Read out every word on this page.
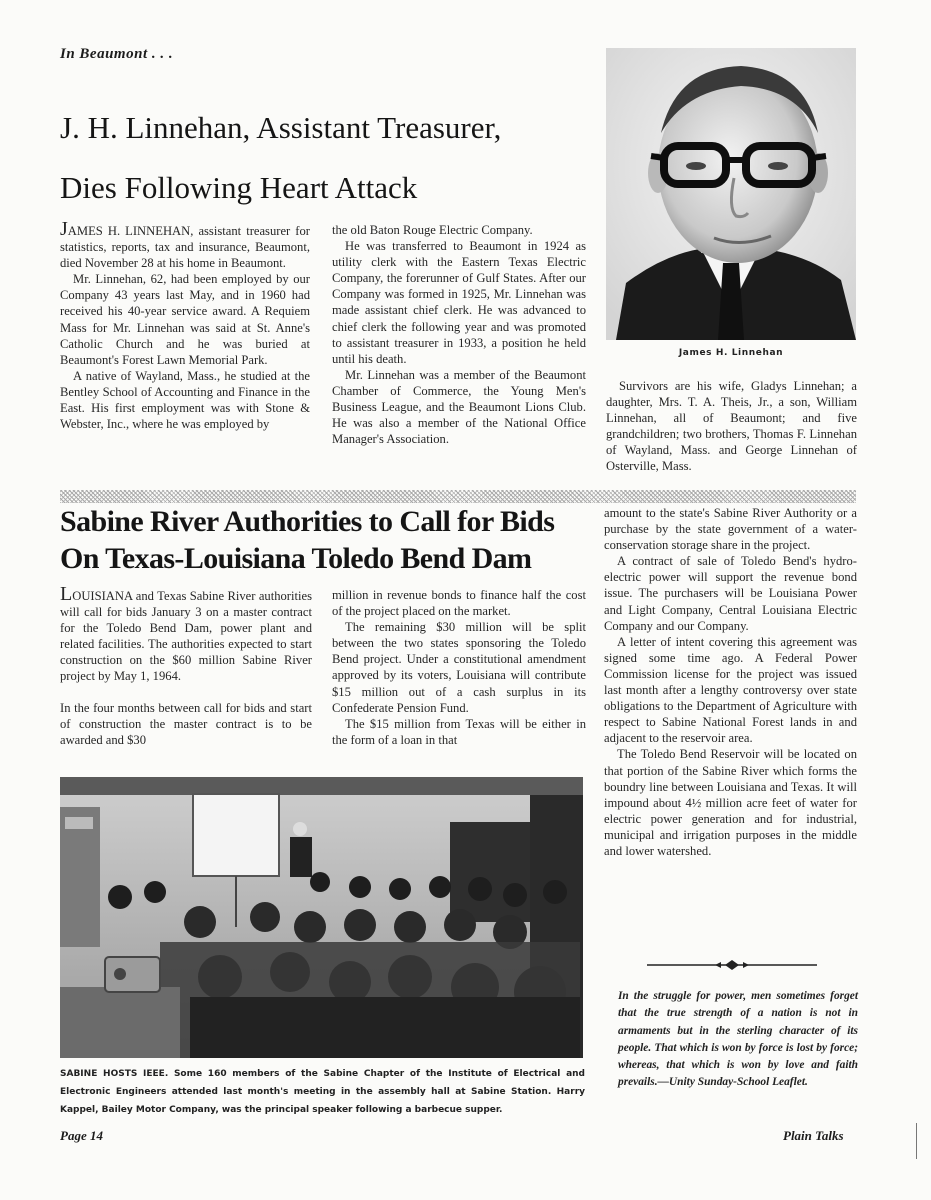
In Beaumont . . .
J. H. Linnehan, Assistant Treasurer,
Dies Following Heart Attack

JAMES H. LINNEHAN, assistant treasurer for statistics, reports, tax and insurance, Beaumont, died November 28 at his home in Beaumont.

Mr. Linnehan, 62, had been employed by our Company 43 years last May, and in 1960 had received his 40-year service award. A Requiem Mass for Mr. Linnehan was said at St. Anne's Catholic Church and he was buried at Beaumont's Forest Lawn Memorial Park.

A native of Wayland, Mass., he studied at the Bentley School of Accounting and Finance in the East. His first employment was with Stone & Webster, Inc., where he was employed by

the old Baton Rouge Electric Company.

He was transferred to Beaumont in 1924 as utility clerk with the Eastern Texas Electric Company, the forerunner of Gulf States. After our Company was formed in 1925, Mr. Linnehan was made assistant chief clerk. He was advanced to chief clerk the following year and was promoted to assistant treasurer in 1933, a position he held until his death.

Mr. Linnehan was a member of the Beaumont Chamber of Commerce, the Young Men's Business League, and the Beaumont Lions Club. He was also a member of the National Office Manager's Association.

James H. Linnehan

Survivors are his wife, Gladys Linnehan; a daughter, Mrs. T. A. Theis, Jr., a son, William Linnehan, all of Beaumont; and five grandchildren; two brothers, Thomas F. Linnehan of Wayland, Mass. and George Linnehan of Osterville, Mass.

Sabine River Authorities to Call for Bids
On Texas-Louisiana Toledo Bend Dam

LOUISIANA and Texas Sabine River authorities will call for bids January 3 on a master contract for the Toledo Bend Dam, power plant and related facilities. The authorities expected to start construction on the $60 million Sabine River project by May 1, 1964.

In the four months between call for bids and start of construction the master contract is to be awarded and $30

million in revenue bonds to finance half the cost of the project placed on the market.

The remaining $30 million will be split between the two states sponsoring the Toledo Bend project. Under a constitutional amendment approved by its voters, Louisiana will contribute $15 million out of a cash surplus in its Confederate Pension Fund.

The $15 million from Texas will be either in the form of a loan in that

amount to the state's Sabine River Authority or a purchase by the state government of a water-conservation storage share in the project.

A contract of sale of Toledo Bend's hydro-electric power will support the revenue bond issue. The purchasers will be Louisiana Power and Light Company, Central Louisiana Electric Company and our Company.

A letter of intent covering this agreement was signed some time ago. A Federal Power Commission license for the project was issued last month after a lengthy controversy over state obligations to the Department of Agriculture with respect to Sabine National Forest lands in and adjacent to the reservoir area.

The Toledo Bend Reservoir will be located on that portion of the Sabine River which forms the boundry line between Louisiana and Texas. It will impound about 4½ million acre feet of water for electric power generation and for industrial, municipal and irrigation purposes in the middle and lower watershed.

SABINE HOSTS IEEE. Some 160 members of the Sabine Chapter of the Institute of Electrical and Electronic Engineers attended last month's meeting in the assembly hall at Sabine Station. Harry Kappel, Bailey Motor Company, was the principal speaker following a barbecue supper.
In the struggle for power, men sometimes forget that the true strength of a nation is not in armaments but in the sterling character of its people. That which is won by force is lost by force; whereas, that which is won by love and faith prevails.—Unity Sunday-School Leaflet.
Page 14	Plain Talks
